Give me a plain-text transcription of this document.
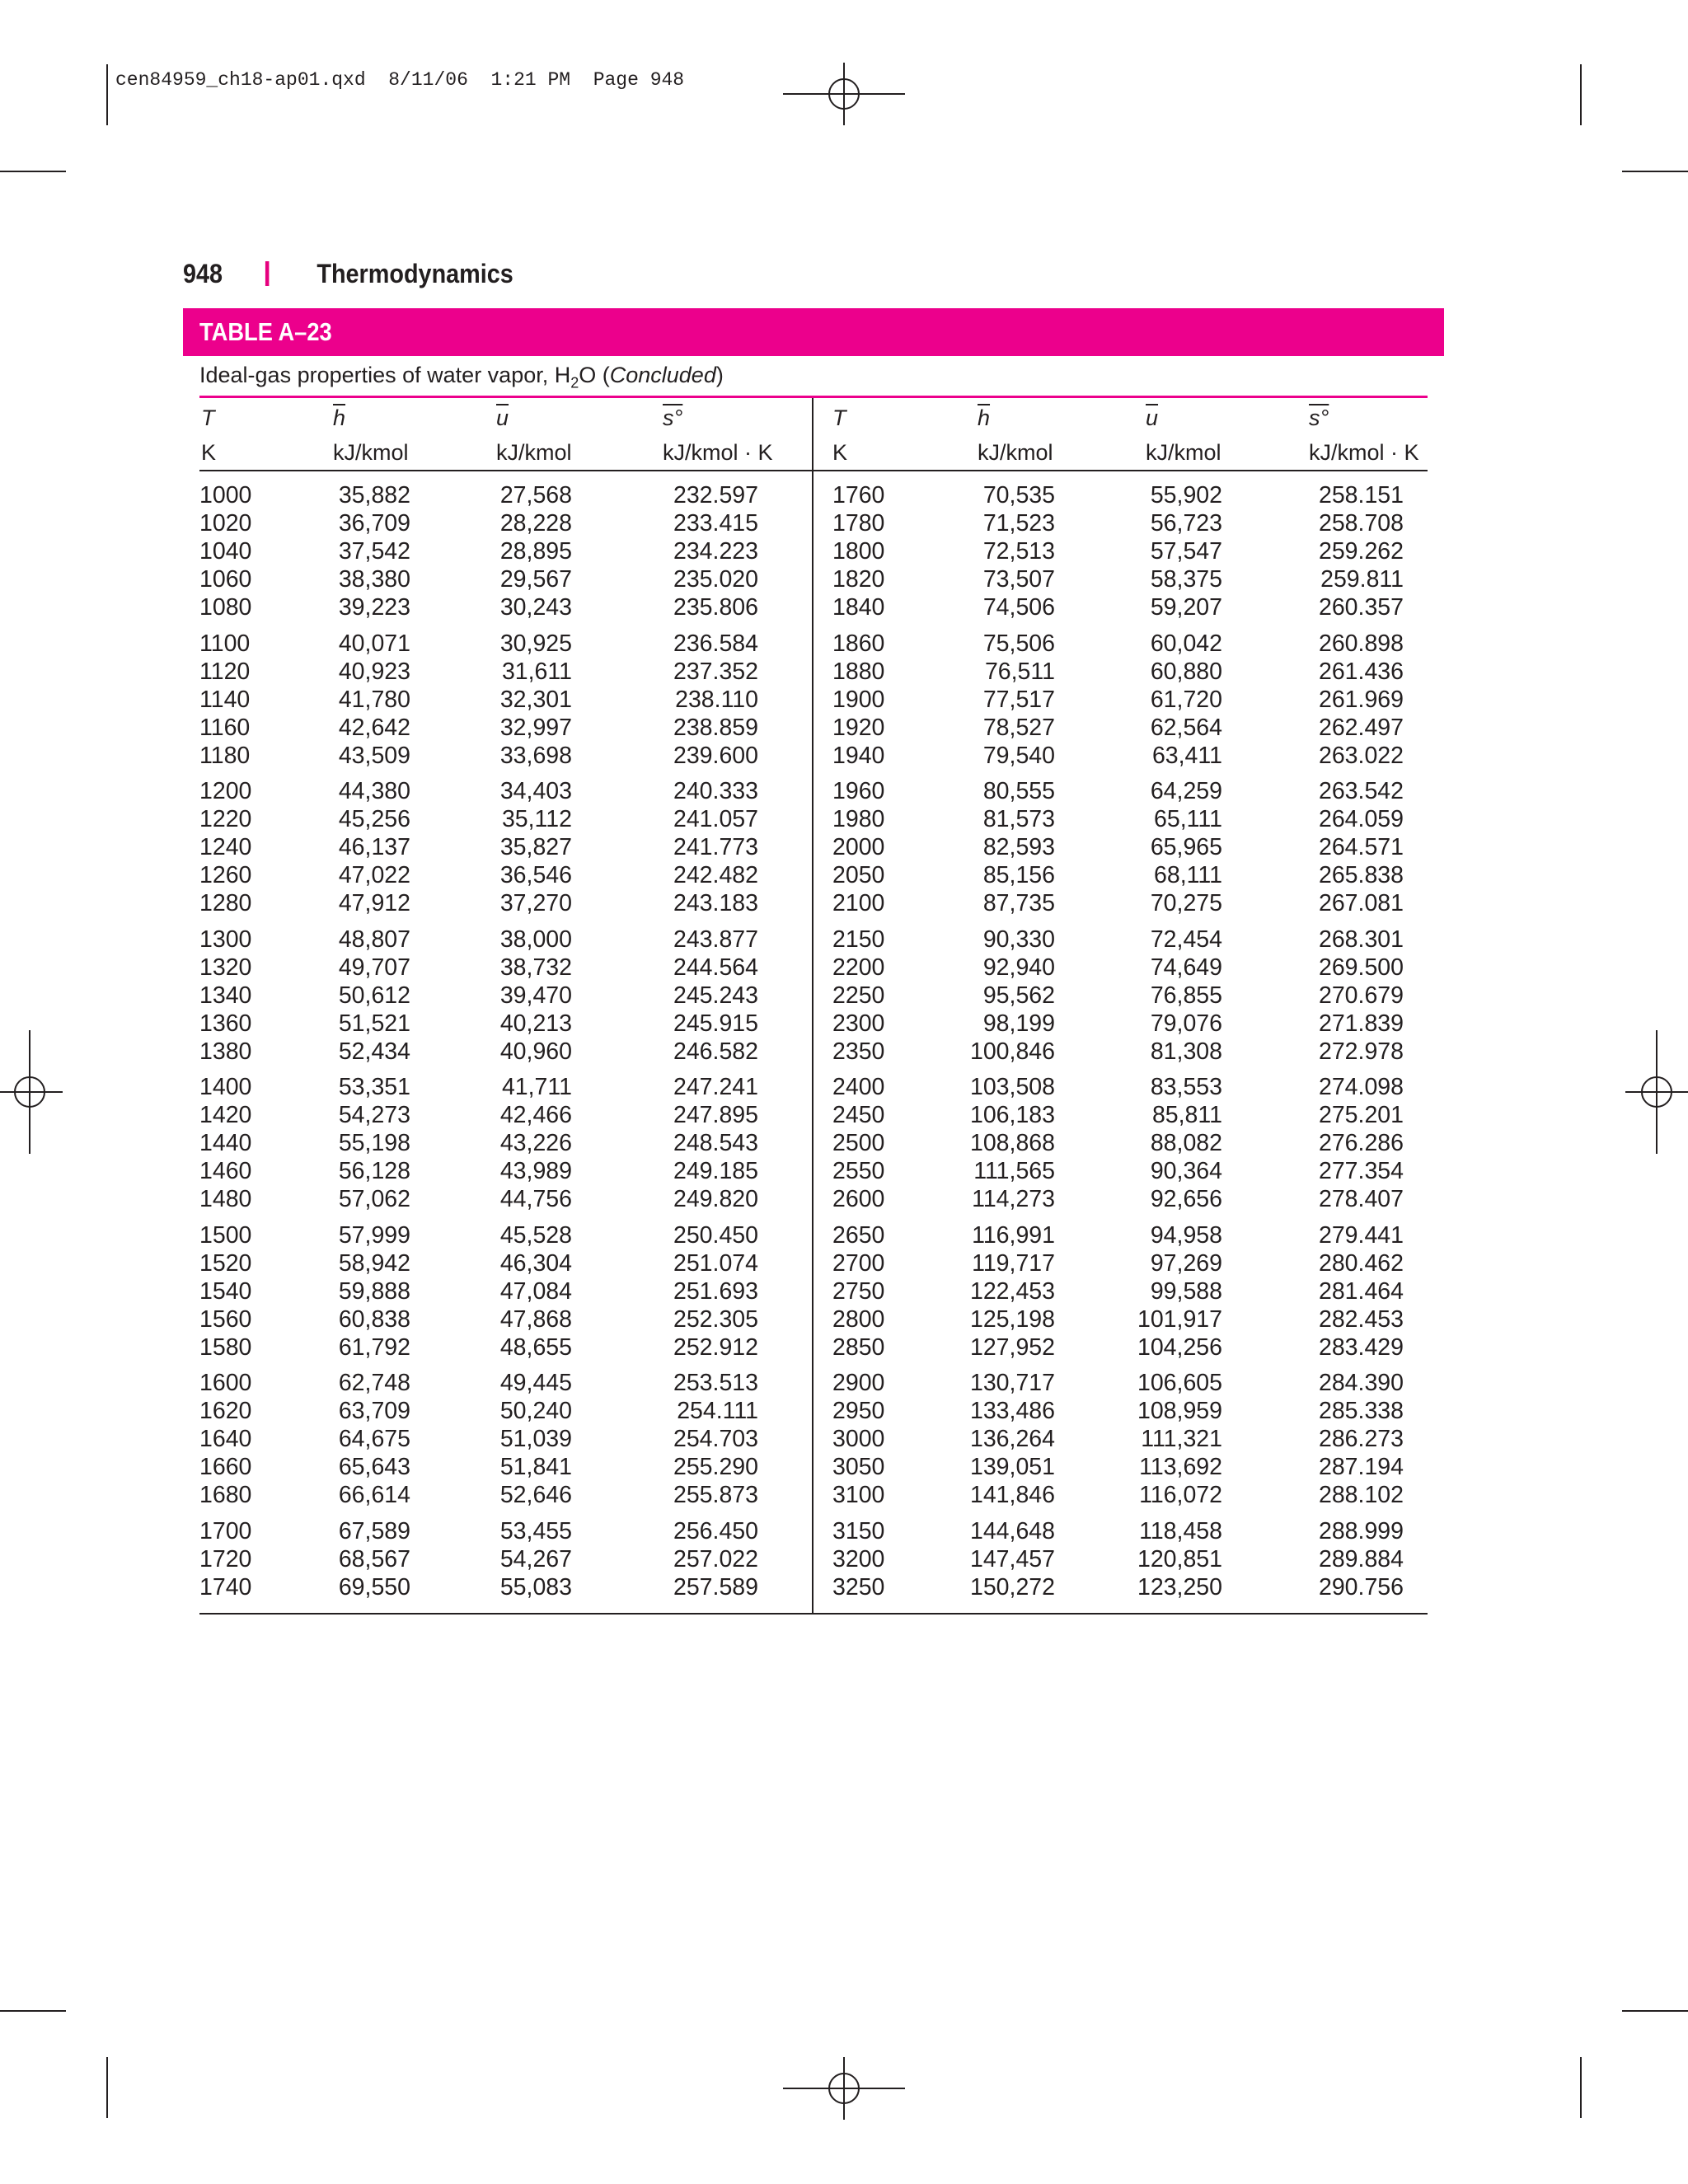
cen84959_ch18-ap01.qxd  8/11/06  1:21 PM  Page 948
948	Thermodynamics
TABLE A–23
Ideal-gas properties of water vapor, $H_2O$ (Concluded)
T	$\overline{h}$	$\overline{u}$	s°
K	kJ/kmol	kJ/kmol	kJ/kmol · K
T	$\overline{h}$	$\overline{u}$	s°
K	kJ/kmol	kJ/kmol	kJ/kmol · K
1000	35,882	27,568	232.597
1020	36,709	28,228	233.415
1040	37,542	28,895	234.223
1060	38,380	29,567	235.020
1080	39,223	30,243	235.806
1100	40,071	30,925	236.584
1120	40,923	31,611	237.352
1140	41,780	32,301	238.110
1160	42,642	32,997	238.859
1180	43,509	33,698	239.600
1200	44,380	34,403	240.333
1220	45,256	35,112	241.057
1240	46,137	35,827	241.773
1260	47,022	36,546	242.482
1280	47,912	37,270	243.183
1300	48,807	38,000	243.877
1320	49,707	38,732	244.564
1340	50,612	39,470	245.243
1360	51,521	40,213	245.915
1380	52,434	40,960	246.582
1400	53,351	41,711	247.241
1420	54,273	42,466	247.895
1440	55,198	43,226	248.543
1460	56,128	43,989	249.185
1480	57,062	44,756	249.820
1500	57,999	45,528	250.450
1520	58,942	46,304	251.074
1540	59,888	47,084	251.693
1560	60,838	47,868	252.305
1580	61,792	48,655	252.912
1600	62,748	49,445	253.513
1620	63,709	50,240	254.111
1640	64,675	51,039	254.703
1660	65,643	51,841	255.290
1680	66,614	52,646	255.873
1700	67,589	53,455	256.450
1720	68,567	54,267	257.022
1740	69,550	55,083	257.589
1760	70,535	55,902	258.151
1780	71,523	56,723	258.708
1800	72,513	57,547	259.262
1820	73,507	58,375	259.811
1840	74,506	59,207	260.357
1860	75,506	60,042	260.898
1880	76,511	60,880	261.436
1900	77,517	61,720	261.969
1920	78,527	62,564	262.497
1940	79,540	63,411	263.022
1960	80,555	64,259	263.542
1980	81,573	65,111	264.059
2000	82,593	65,965	264.571
2050	85,156	68,111	265.838
2100	87,735	70,275	267.081
2150	90,330	72,454	268.301
2200	92,940	74,649	269.500
2250	95,562	76,855	270.679
2300	98,199	79,076	271.839
2350	100,846	81,308	272.978
2400	103,508	83,553	274.098
2450	106,183	85,811	275.201
2500	108,868	88,082	276.286
2550	111,565	90,364	277.354
2600	114,273	92,656	278.407
2650	116,991	94,958	279.441
2700	119,717	97,269	280.462
2750	122,453	99,588	281.464
2800	125,198	101,917	282.453
2850	127,952	104,256	283.429
2900	130,717	106,605	284.390
2950	133,486	108,959	285.338
3000	136,264	111,321	286.273
3050	139,051	113,692	287.194
3100	141,846	116,072	288.102
3150	144,648	118,458	288.999
3200	147,457	120,851	289.884
3250	150,272	123,250	290.756
